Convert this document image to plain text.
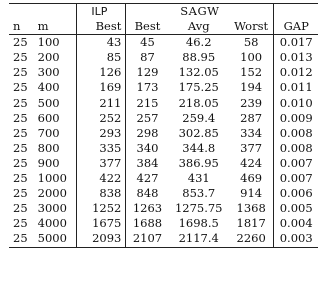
		ILP	SAGW			
n	m	Best	Best	Avg	Worst	GAP
25	100	43	45	46.2	58	0.017
25	200	85	87	88.95	100	0.013
25	300	126	129	132.05	152	0.012
25	400	169	173	175.25	194	0.011
25	500	211	215	218.05	239	0.010
25	600	252	257	259.4	287	0.009
25	700	293	298	302.85	334	0.008
25	800	335	340	344.8	377	0.008
25	900	377	384	386.95	424	0.007
25	1000	422	427	431	469	0.007
25	2000	838	848	853.7	914	0.006
25	3000	1252	1263	1275.75	1368	0.005
25	4000	1675	1688	1698.5	1817	0.004
25	5000	2093	2107	2117.4	2260	0.003
